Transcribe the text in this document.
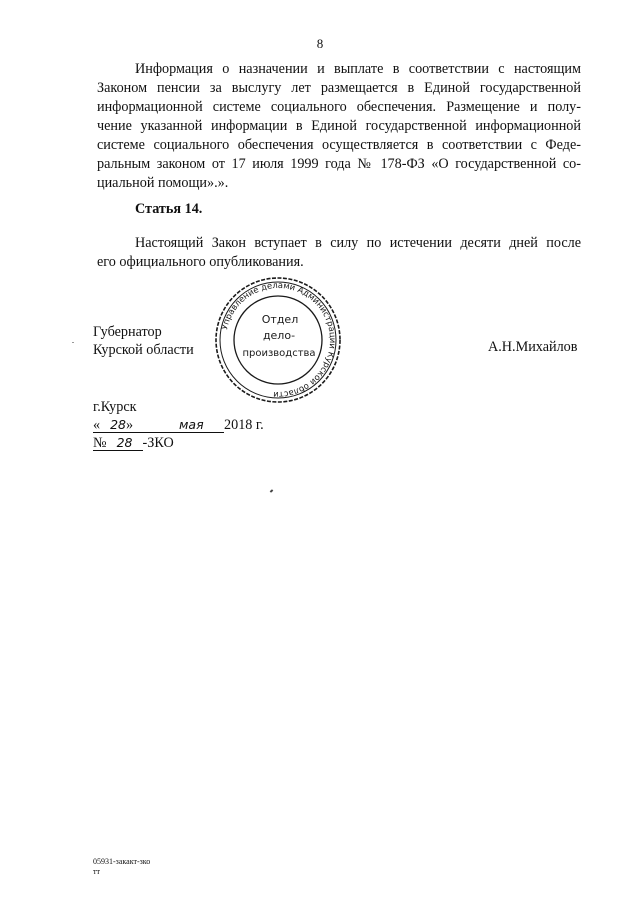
8
Информация о назначении и выплате в соответствии с настоящим
Законом пенсии за выслугу лет размещается в Единой государственной
информационной системе социального обеспечения. Размещение и полу-
чение указанной информации в Единой государственной информационной
системе социального обеспечения осуществляется в соответствии с Феде-
ральным законом от 17 июля 1999 года № 178-ФЗ «О государственной со-
циальной помощи».».
Статья 14.
Настоящий Закон вступает в силу по истечении десяти дней после
его официального опубликования.
Губернатор
Курской области
Управление делами Администрации Курской области
Отдел
дело-
производства	А.Н.Михайлов
г.Курск
« 28»	мая 2018 г.
№ 28 -ЗКО
05931-закакт-зко
тт
